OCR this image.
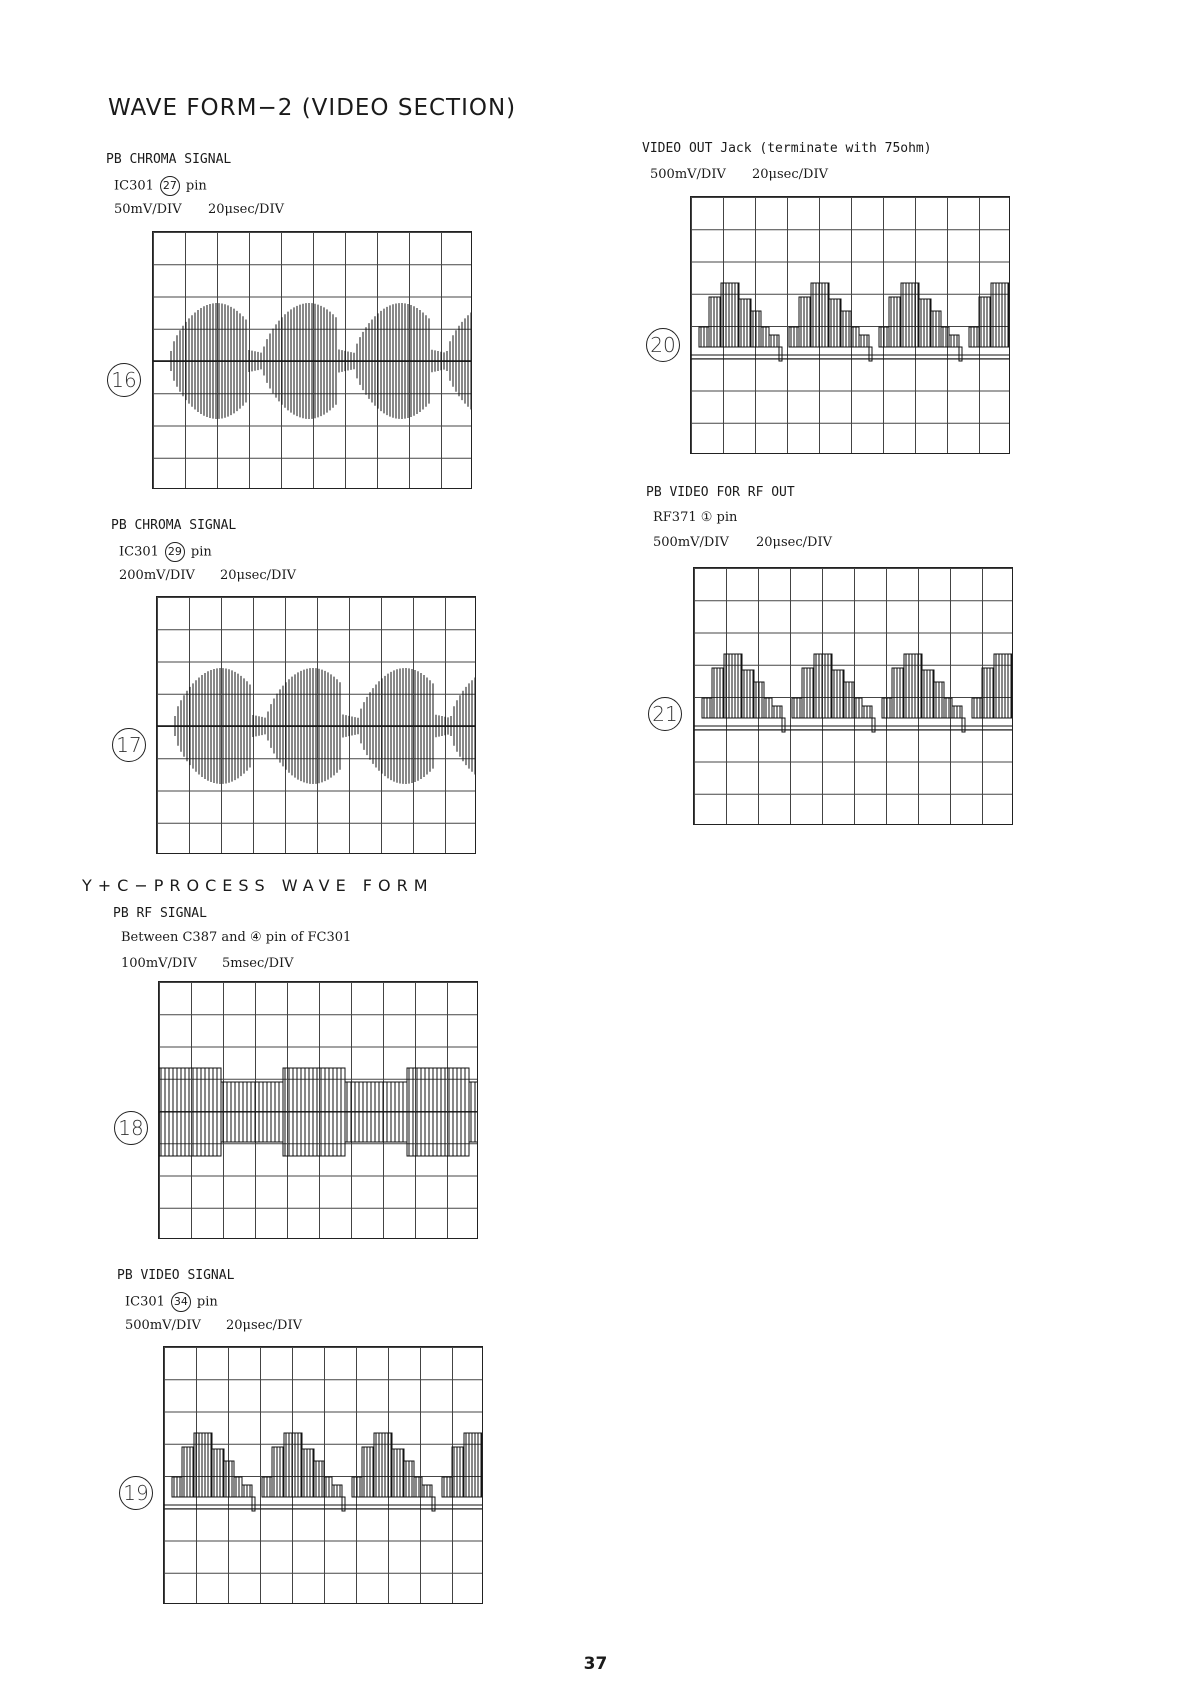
WAVE FORM−2 (VIDEO SECTION)
Y+C−PROCESS WAVE FORM
PB CHROMA SIGNAL
IC301 27 pin
50mV/DIV 20μsec/DIV
16
PB CHROMA SIGNAL
IC301 29 pin
200mV/DIV 20μsec/DIV
17
PB RF SIGNAL
Between C387 and ④ pin of FC301
100mV/DIV 5msec/DIV
18
PB VIDEO SIGNAL
IC301 34 pin
500mV/DIV 20μsec/DIV
19
VIDEO OUT Jack (terminate with 75ohm)
500mV/DIV 20μsec/DIV
20
PB VIDEO FOR RF OUT
RF371 ① pin
500mV/DIV 20μsec/DIV
21
37
